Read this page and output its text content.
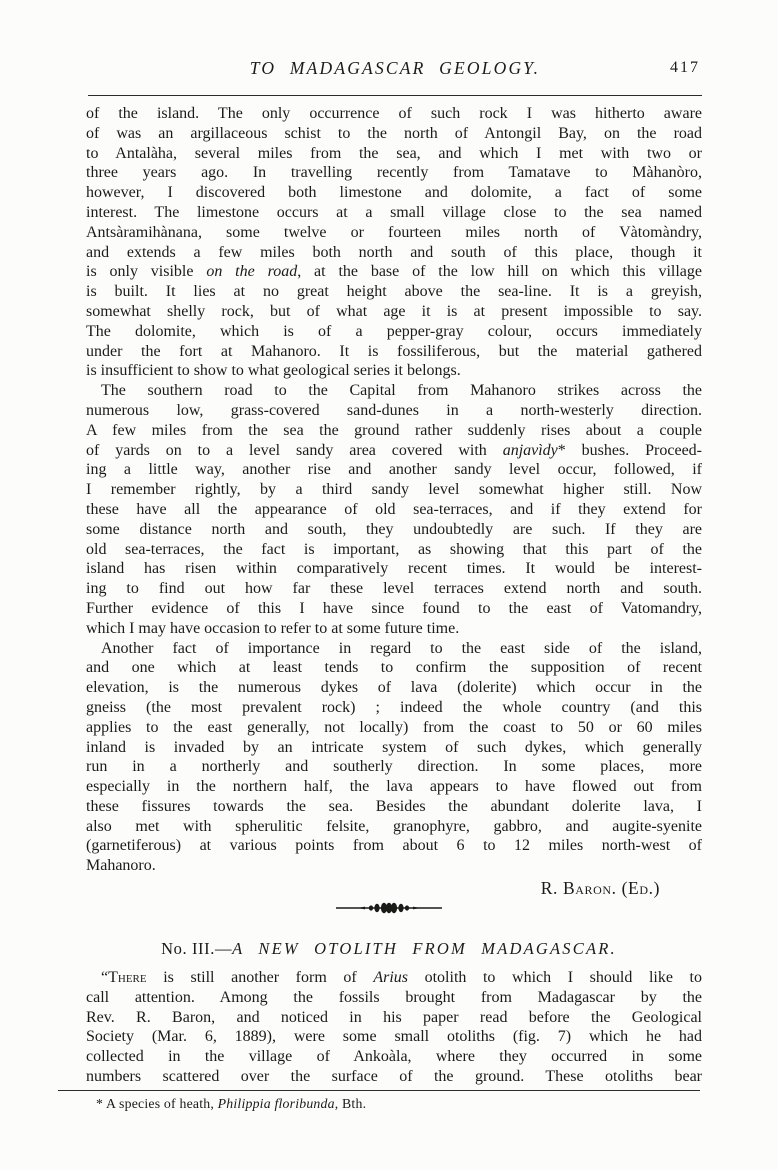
TO MADAGASCAR GEOLOGY.	417
of the island. The only occurrence of such rock I was hitherto aware
of was an argillaceous schist to the north of Antongil Bay, on the road
to Antalàha, several miles from the sea, and which I met with two or
three years ago. In travelling recently from Tamatave to Màhanòro,
however, I discovered both limestone and dolomite, a fact of some
interest. The limestone occurs at a small village close to the sea named
Antsàramihànana, some twelve or fourteen miles north of Vàtomàndry,
and extends a few miles both north and south of this place, though it
is only visible on the road, at the base of the low hill on which this village
is built. It lies at no great height above the sea-line. It is a greyish,
somewhat shelly rock, but of what age it is at present impossible to say.
The dolomite, which is of a pepper-gray colour, occurs immediately
under the fort at Mahanoro. It is fossiliferous, but the material gathered
is insufficient to show to what geological series it belongs.
The southern road to the Capital from Mahanoro strikes across the
numerous low, grass-covered sand-dunes in a north-westerly direction.
A few miles from the sea the ground rather suddenly rises about a couple
of yards on to a level sandy area covered with anjavìdy* bushes. Proceed-
ing a little way, another rise and another sandy level occur, followed, if
I remember rightly, by a third sandy level somewhat higher still. Now
these have all the appearance of old sea-terraces, and if they extend for
some distance north and south, they undoubtedly are such. If they are
old sea-terraces, the fact is important, as showing that this part of the
island has risen within comparatively recent times. It would be interest-
ing to find out how far these level terraces extend north and south.
Further evidence of this I have since found to the east of Vatomandry,
which I may have occasion to refer to at some future time.
Another fact of importance in regard to the east side of the island,
and one which at least tends to confirm the supposition of recent
elevation, is the numerous dykes of lava (dolerite) which occur in the
gneiss (the most prevalent rock) ; indeed the whole country (and this
applies to the east generally, not locally) from the coast to 50 or 60 miles
inland is invaded by an intricate system of such dykes, which generally
run in a northerly and southerly direction. In some places, more
especially in the northern half, the lava appears to have flowed out from
these fissures towards the sea. Besides the abundant dolerite lava, I
also met with spherulitic felsite, granophyre, gabbro, and augite-syenite
(garnetiferous) at various points from about 6 to 12 miles north-west of
Mahanoro.
R. Baron. (Ed.)
No. III.—A NEW OTOLITH FROM MADAGASCAR.
“There is still another form of Arius otolith to which I should like to
call attention. Among the fossils brought from Madagascar by the
Rev. R. Baron, and noticed in his paper read before the Geological
Society (Mar. 6, 1889), were some small otoliths (fig. 7) which he had
collected in the village of Ankoàla, where they occurred in some
numbers scattered over the surface of the ground. These otoliths bear
* A species of heath, Philippia floribunda, Bth.
